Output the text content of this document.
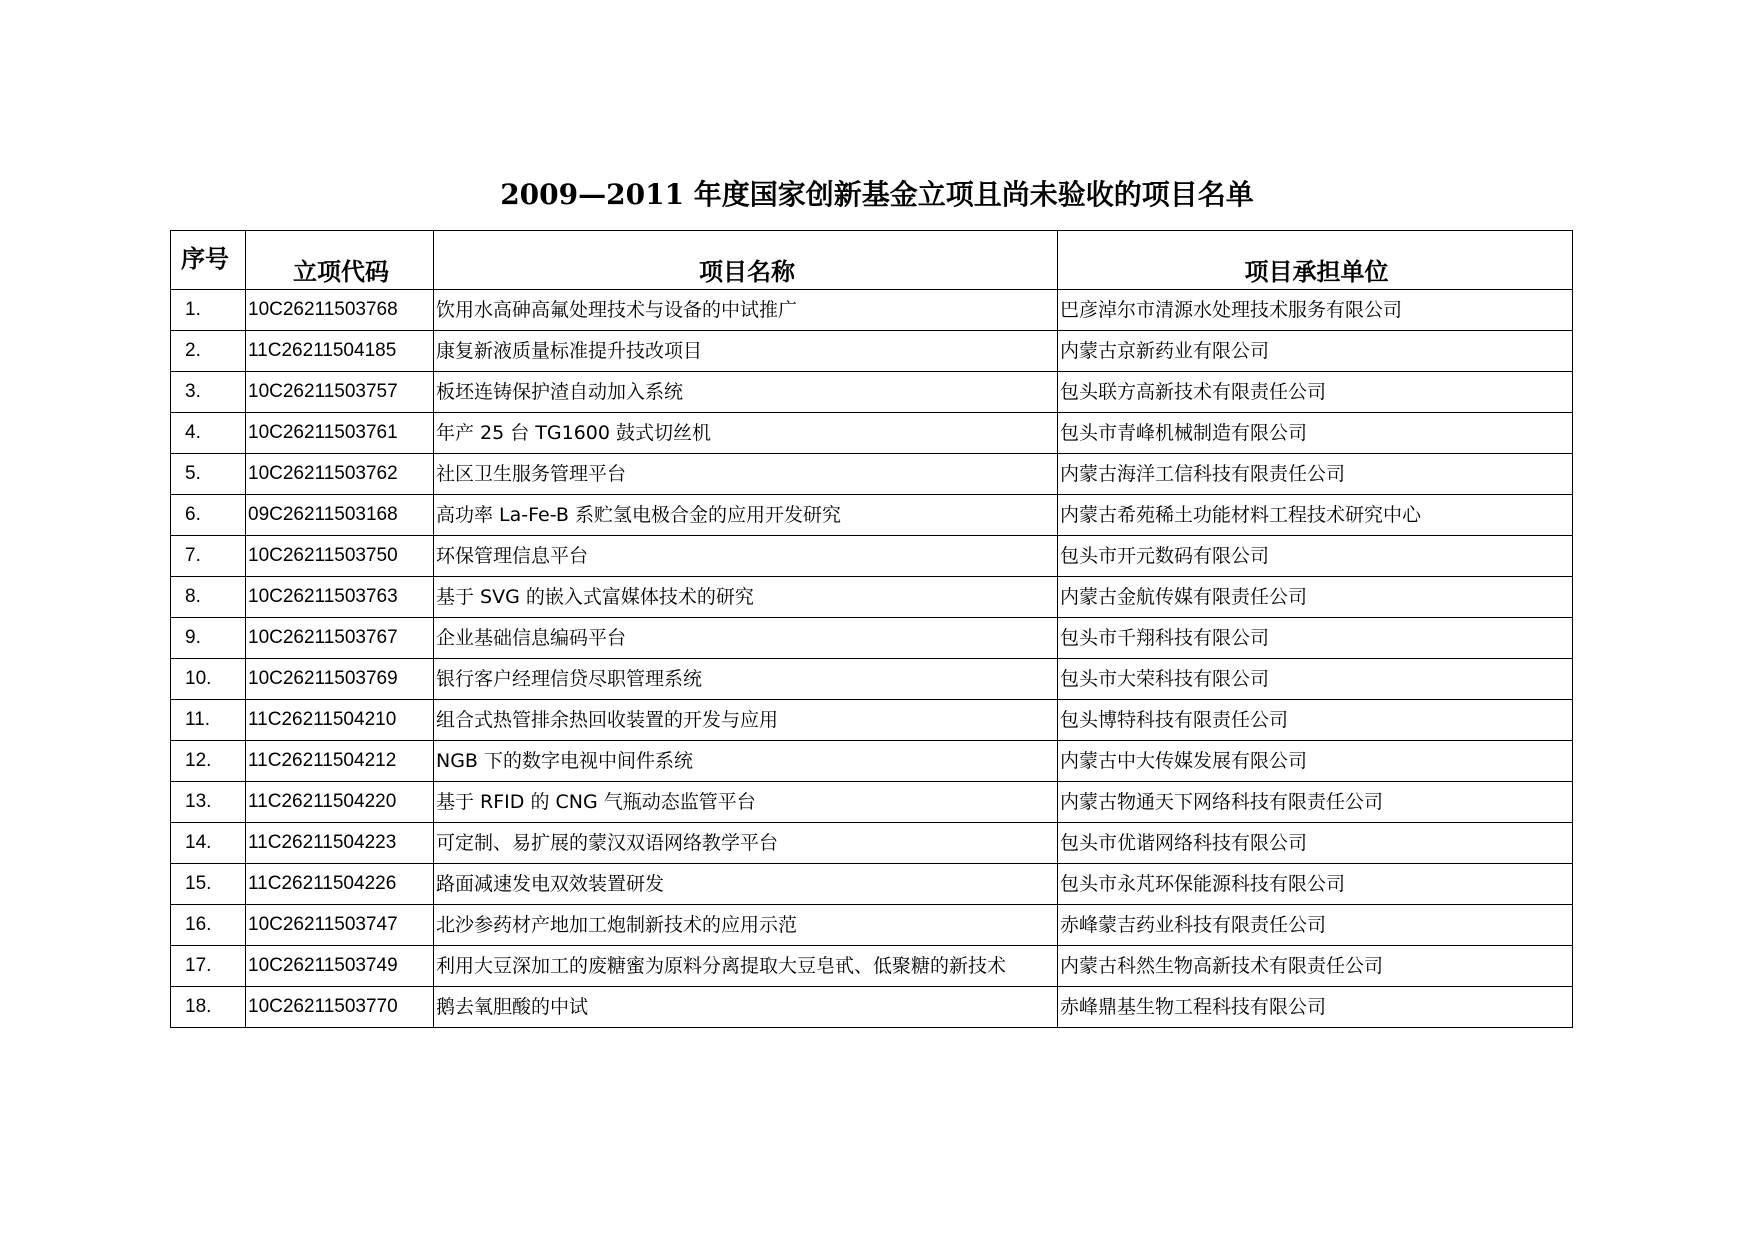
2009—2011 年度国家创新基金立项且尚未验收的项目名单
序号	立项代码	项目名称	项目承担单位
1.	10C26211503768	饮用水高砷高氟处理技术与设备的中试推广	巴彦淖尔市清源水处理技术服务有限公司
2.	11C26211504185	康复新液质量标准提升技改项目	内蒙古京新药业有限公司
3.	10C26211503757	板坯连铸保护渣自动加入系统	包头联方高新技术有限责任公司
4.	10C26211503761	年产 25 台 TG1600 鼓式切丝机	包头市青峰机械制造有限公司
5.	10C26211503762	社区卫生服务管理平台	内蒙古海洋工信科技有限责任公司
6.	09C26211503168	高功率 La-Fe-B 系贮氢电极合金的应用开发研究	内蒙古希苑稀土功能材料工程技术研究中心
7.	10C26211503750	环保管理信息平台	包头市开元数码有限公司
8.	10C26211503763	基于 SVG 的嵌入式富媒体技术的研究	内蒙古金航传媒有限责任公司
9.	10C26211503767	企业基础信息编码平台	包头市千翔科技有限公司
10.	10C26211503769	银行客户经理信贷尽职管理系统	包头市大荣科技有限公司
11.	11C26211504210	组合式热管排余热回收装置的开发与应用	包头博特科技有限责任公司
12.	11C26211504212	NGB 下的数字电视中间件系统	内蒙古中大传媒发展有限公司
13.	11C26211504220	基于 RFID 的 CNG 气瓶动态监管平台	内蒙古物通天下网络科技有限责任公司
14.	11C26211504223	可定制、易扩展的蒙汉双语网络教学平台	包头市优谐网络科技有限公司
15.	11C26211504226	路面减速发电双效装置研发	包头市永芃环保能源科技有限公司
16.	10C26211503747	北沙参药材产地加工炮制新技术的应用示范	赤峰蒙吉药业科技有限责任公司
17.	10C26211503749	利用大豆深加工的废糖蜜为原料分离提取大豆皂甙、低聚糖的新技术	内蒙古科然生物高新技术有限责任公司
18.	10C26211503770	鹅去氧胆酸的中试	赤峰鼎基生物工程科技有限公司
